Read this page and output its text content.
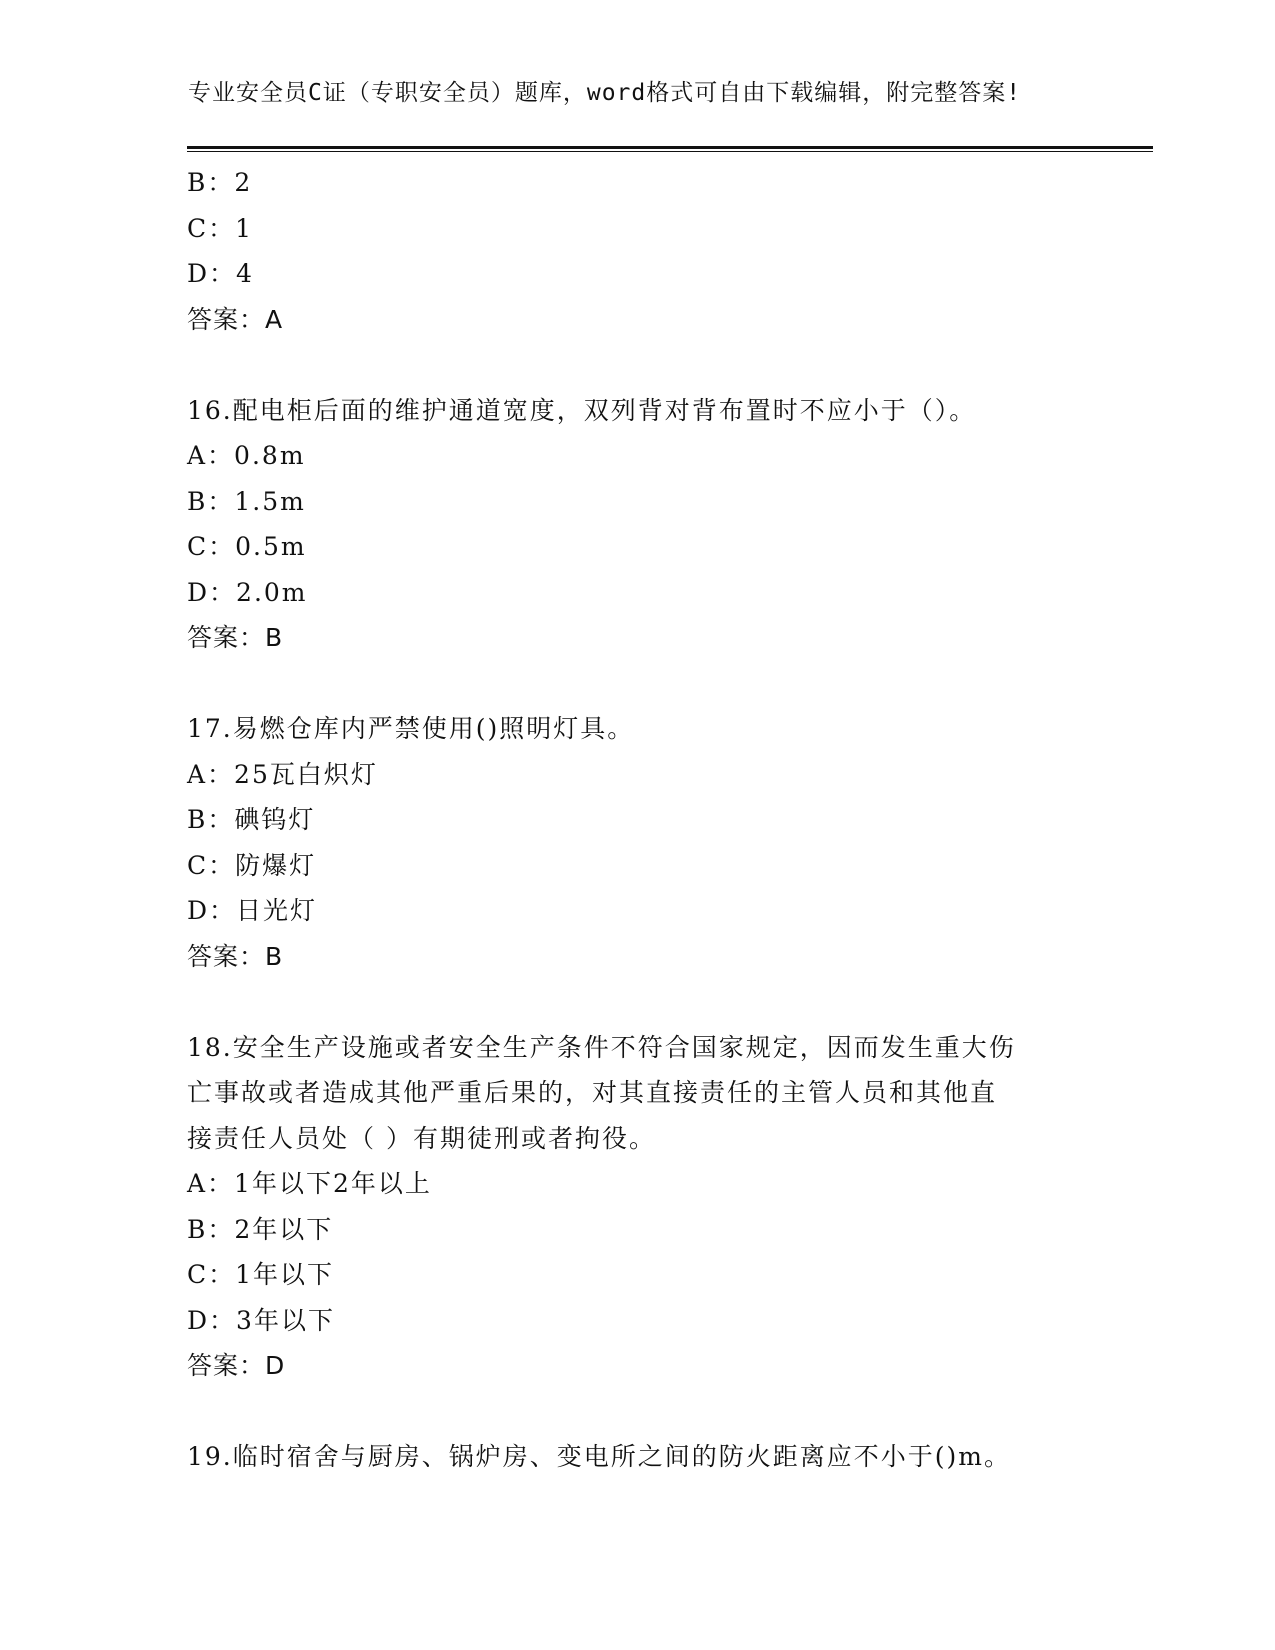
专业安全员C证（专职安全员）题库，word格式可自由下载编辑，附完整答案!
B：2
C：1
D：4
答案：A
16.配电柜后面的维护通道宽度，双列背对背布置时不应小于（）。
A：0.8m
B：1.5m
C：0.5m
D：2.0m
答案：B
17.易燃仓库内严禁使用()照明灯具。
A：25瓦白炽灯
B：碘钨灯
C：防爆灯
D：日光灯
答案：B
18.安全生产设施或者安全生产条件不符合国家规定，因而发生重大伤
亡事故或者造成其他严重后果的，对其直接责任的主管人员和其他直
接责任人员处（ ）有期徒刑或者拘役。
A：1年以下2年以上
B：2年以下
C：1年以下
D：3年以下
答案：D
19.临时宿舍与厨房、锅炉房、变电所之间的防火距离应不小于()m。
